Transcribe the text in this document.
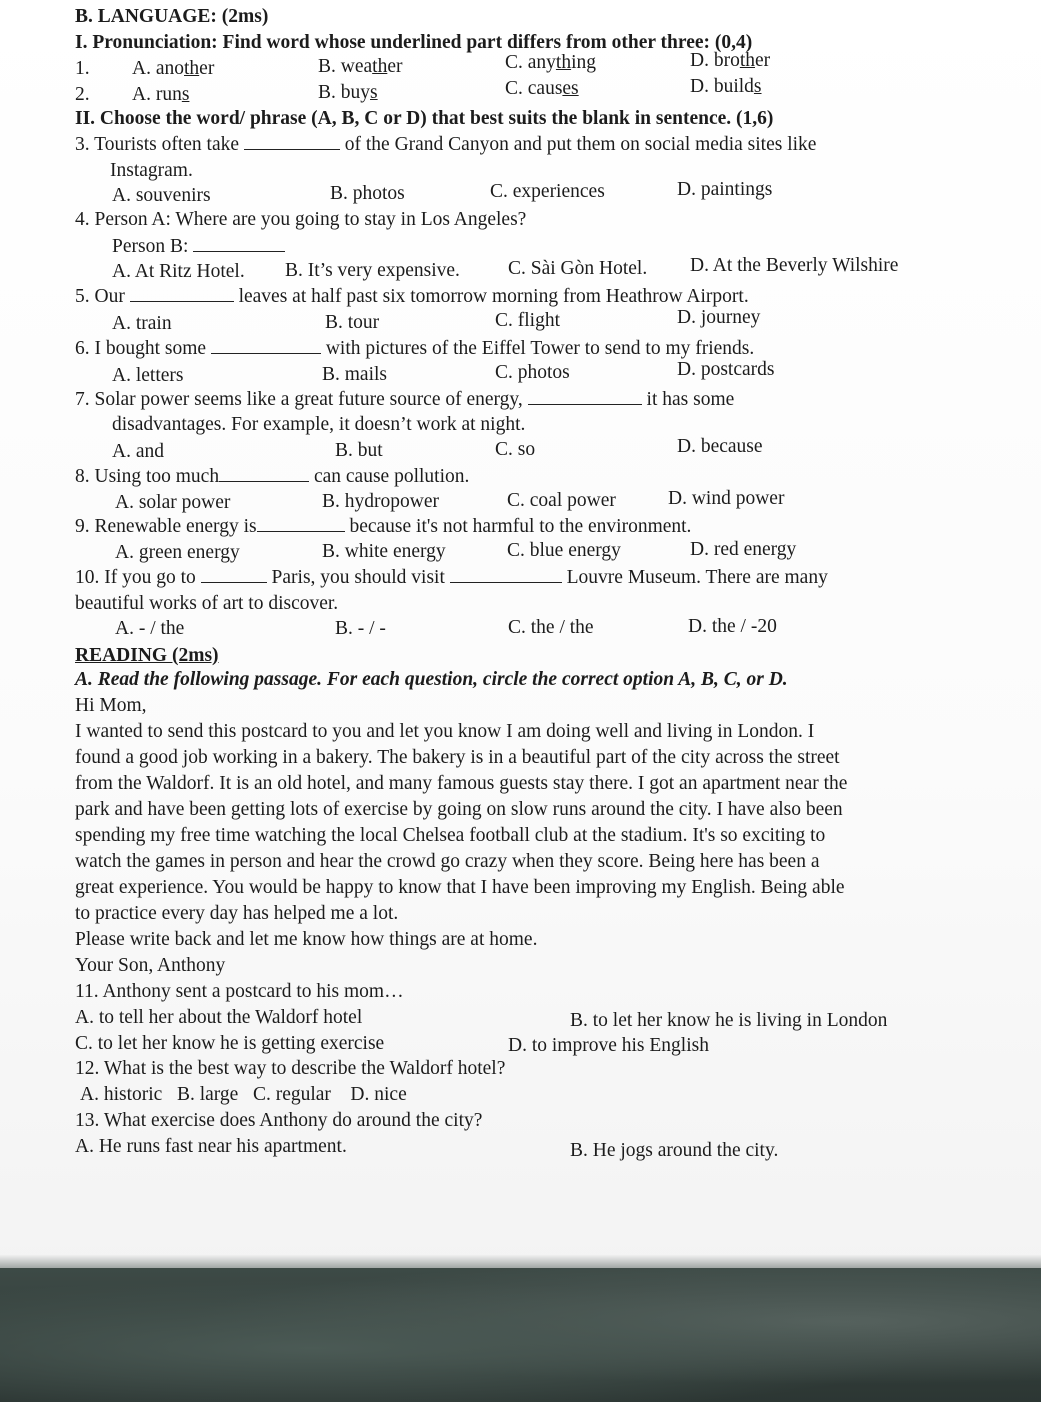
B. LANGUAGE: (2ms)
I. Pronunciation: Find word whose underlined part differs from other three: (0,4)
1. A. another	B. weather	C. anything	D. brother
2. A. runs	B. buys	C. causes	D. builds
II. Choose the word/ phrase (A, B, C or D) that best suits the blank in sentence. (1,6)
3. Tourists often take	of the Grand Canyon and put them on social media sites like
Instagram.
A. souvenirs	B. photos	C. experiences	D. paintings
4. Person A: Where are you going to stay in Los Angeles?
Person B:
A. At Ritz Hotel. B. It’s very expensive. C. Sài Gòn Hotel. D. At the Beverly Wilshire
5. Our	leaves at half past six tomorrow morning from Heathrow Airport.
A. train	B. tour	C. flight	D. journey
6. I bought some	with pictures of the Eiffel Tower to send to my friends.
A. letters	B. mails	C. photos	D. postcards
7. Solar power seems like a great future source of energy,	it has some
disadvantages. For example, it doesn’t work at night.
A. and	B. but	C. so	D. because
8. Using too much	can cause pollution.
A. solar power	B. hydropower	C. coal power	D. wind power
9. Renewable energy is	because it's not harmful to the environment.
A. green energy	B. white energy	C. blue energy	D. red energy
10. If you go to	Paris, you should visit	Louvre Museum. There are many
beautiful works of art to discover.
A. - / the	B. - / -	C. the / the	D. the / -20
READING (2ms)
A. Read the following passage. For each question, circle the correct option A, B, C, or D.
Hi Mom,
I wanted to send this postcard to you and let you know I am doing well and living in London. I
found a good job working in a bakery. The bakery is in a beautiful part of the city across the street
from the Waldorf. It is an old hotel, and many famous guests stay there. I got an apartment near the
park and have been getting lots of exercise by going on slow runs around the city. I have also been
spending my free time watching the local Chelsea football club at the stadium. It's so exciting to
watch the games in person and hear the crowd go crazy when they score. Being here has been a
great experience. You would be happy to know that I have been improving my English. Being able
to practice every day has helped me a lot.
Please write back and let me know how things are at home.
Your Son, Anthony
11. Anthony sent a postcard to his mom…
A. to tell her about the Waldorf hotel	B. to let her know he is living in London
C. to let her know he is getting exercise	D. to improve his English
12. What is the best way to describe the Waldorf hotel?
A. historic   B. large   C. regular    D. nice
13. What exercise does Anthony do around the city?
A. He runs fast near his apartment.	B. He jogs around the city.
